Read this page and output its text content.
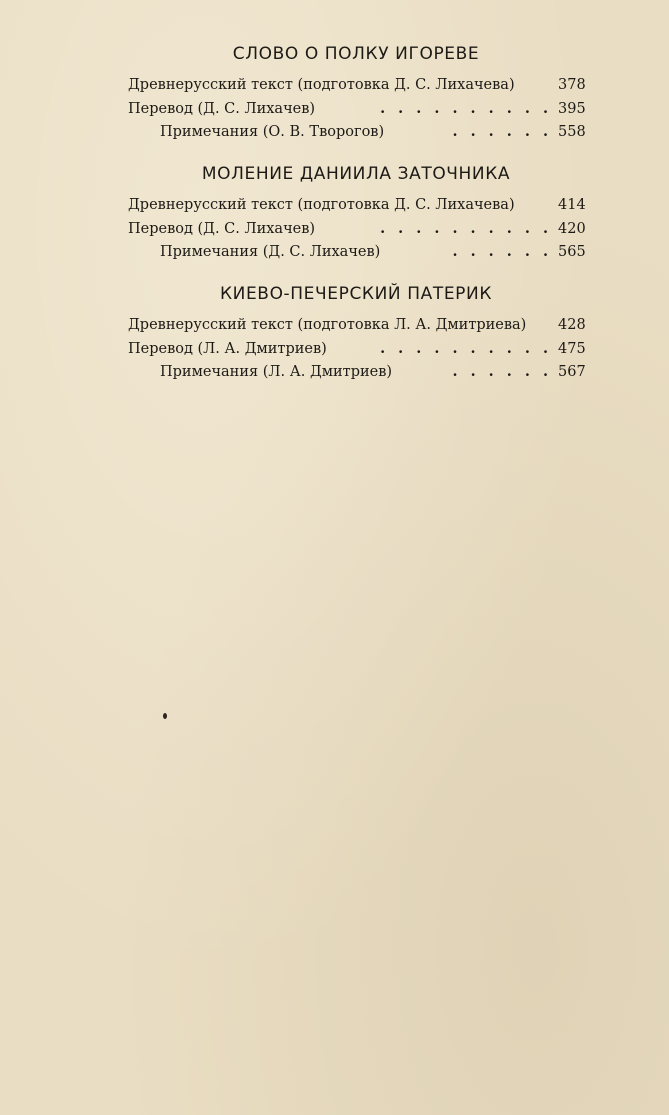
СЛОВО О ПОЛКУ ИГОРЕВЕ
Древнерусский текст (подготовка Д. С. Лихачева)	378
Перевод (Д. С. Лихачев)	. . . . . . . . . . 395
Примечания (О. В. Творогов)	. . . . . . 558
МОЛЕНИЕ ДАНИИЛА ЗАТОЧНИКА
Древнерусский текст (подготовка Д. С. Лихачева)	414
Перевод (Д. С. Лихачев)	. . . . . . . . . . 420
Примечания (Д. С. Лихачев)	. . . . . . 565
КИЕВО-ПЕЧЕРСКИЙ ПАТЕРИК
Древнерусский текст (подготовка Л. А. Дмитриева)	428
Перевод (Л. А. Дмитриев)	. . . . . . . . . . 475
Примечания (Л. А. Дмитриев)	. . . . . . 567
